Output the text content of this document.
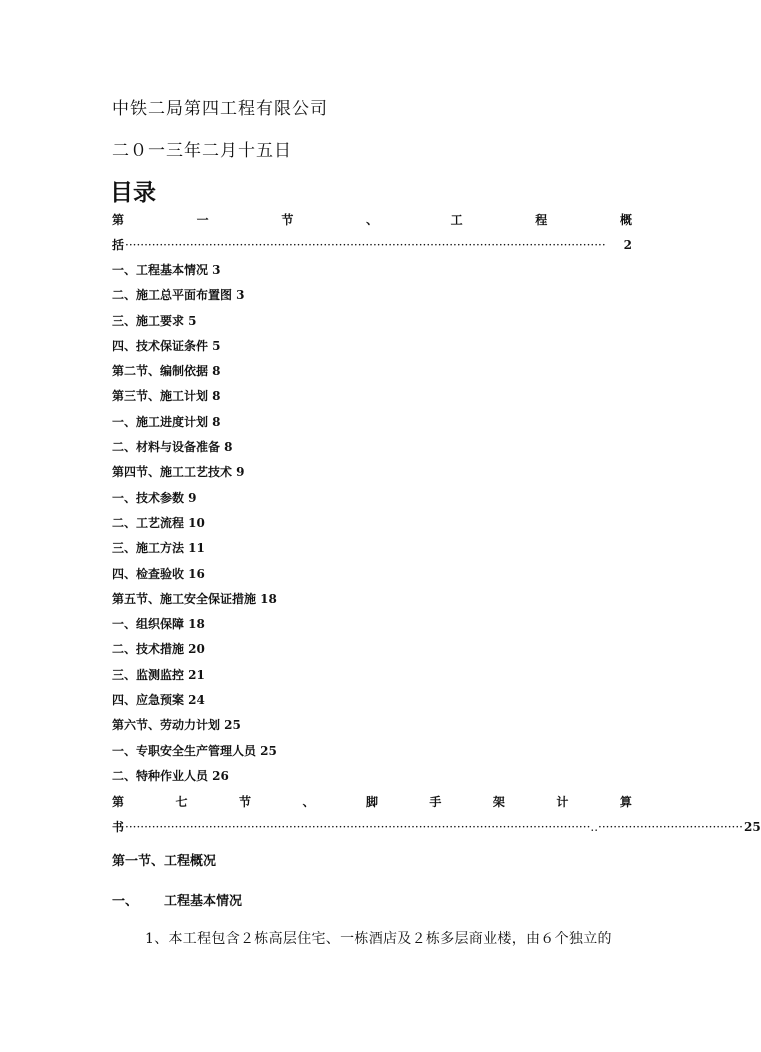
中铁二局第四工程有限公司
二０一三年二月十五日
目录
第	一	节	、	工	程	概
括 ······························································································································	2
一、工程基本情况 3
二、施工总平面布置图 3
三、施工要求 5
四、技术保证条件 5
第二节、编制依据 8
第三节、施工计划 8
一、施工进度计划 8
二、材料与设备准备 8
第四节、施工工艺技术 9
一、技术参数 9
二、工艺流程 10
三、施工方法 11
四、检查验收 16
第五节、施工安全保证措施 18
一、组织保障 18
二、技术措施 20
三、监测监控 21
四、应急预案 24
第六节、劳动力计划 25
一、专职安全生产管理人员 25
二、特种作业人员 26
第	七	节	、	脚	手	架	计	算
书 ··························································································································..······································ 25
第一节、工程概况
一、	工程基本情况
1、本工程包含２栋高层住宅、一栋酒店及２栋多层商业楼，由６个独立的
